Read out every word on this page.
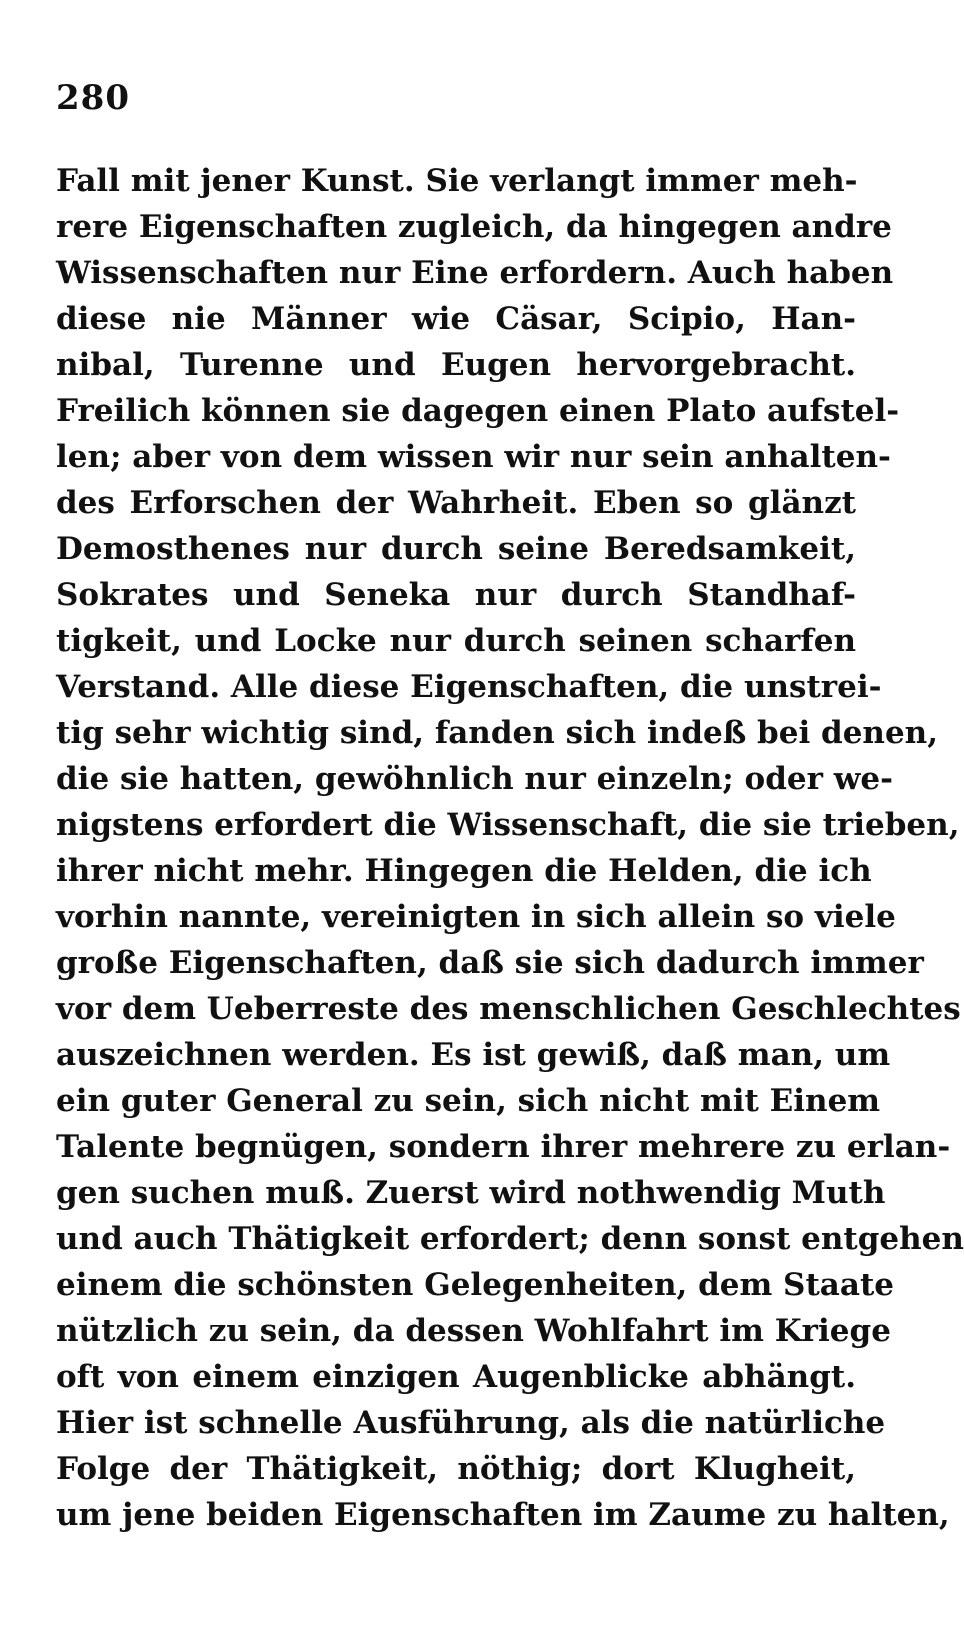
280
Fall mit jener Kunst. Sie verlangt immer meh-
rere Eigenschaften zugleich, da hingegen andre
Wissenschaften nur Eine erfordern. Auch haben
diese nie Männer wie Cäsar, Scipio, Han-
nibal, Turenne und Eugen hervorgebracht.
Freilich können sie dagegen einen Plato aufstel-
len; aber von dem wissen wir nur sein anhalten-
des Erforschen der Wahrheit. Eben so glänzt
Demosthenes nur durch seine Beredsamkeit,
Sokrates und Seneka nur durch Standhaf-
tigkeit, und Locke nur durch seinen scharfen
Verstand. Alle diese Eigenschaften, die unstrei-
tig sehr wichtig sind, fanden sich indeß bei denen,
die sie hatten, gewöhnlich nur einzeln; oder we-
nigstens erfordert die Wissenschaft, die sie trieben,
ihrer nicht mehr. Hingegen die Helden, die ich
vorhin nannte, vereinigten in sich allein so viele
große Eigenschaften, daß sie sich dadurch immer
vor dem Ueberreste des menschlichen Geschlechtes
auszeichnen werden. Es ist gewiß, daß man, um
ein guter General zu sein, sich nicht mit Einem
Talente begnügen, sondern ihrer mehrere zu erlan-
gen suchen muß. Zuerst wird nothwendig Muth
und auch Thätigkeit erfordert; denn sonst entgehen
einem die schönsten Gelegenheiten, dem Staate
nützlich zu sein, da dessen Wohlfahrt im Kriege
oft von einem einzigen Augenblicke abhängt.
Hier ist schnelle Ausführung, als die natürliche
Folge der Thätigkeit, nöthig; dort Klugheit,
um jene beiden Eigenschaften im Zaume zu halten,
